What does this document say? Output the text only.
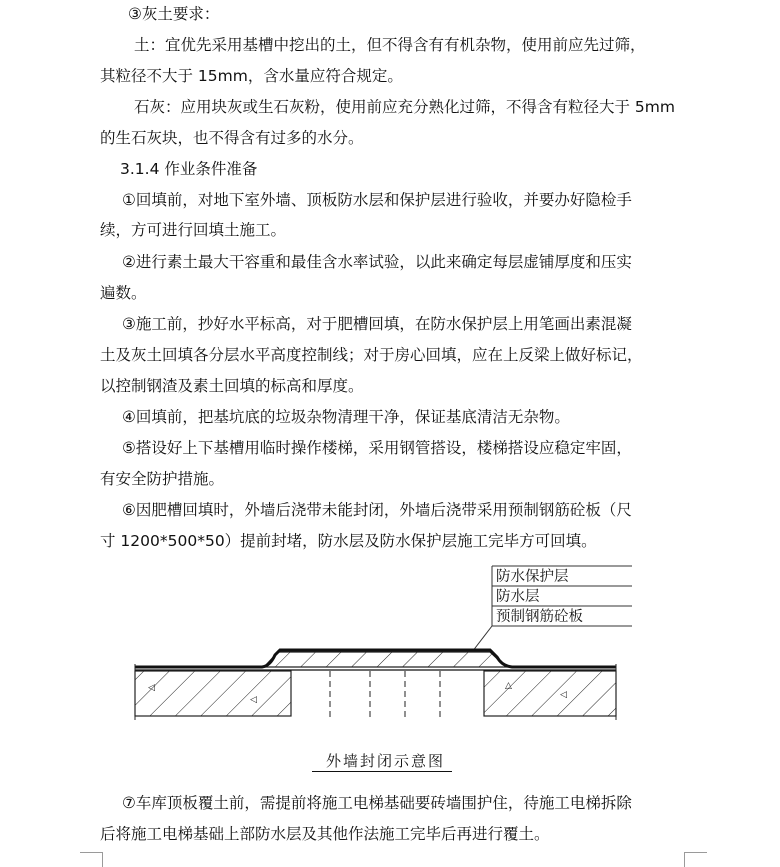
③灰土要求：
土：宜优先采用基槽中挖出的土，但不得含有有机杂物，使用前应先过筛，
其粒径不大于 15mm，含水量应符合规定。
石灰：应用块灰或生石灰粉，使用前应充分熟化过筛，不得含有粒径大于 5mm
的生石灰块，也不得含有过多的水分。
3.1.4 作业条件准备
①回填前，对地下室外墙、顶板防水层和保护层进行验收，并要办好隐检手
续，方可进行回填土施工。
②进行素土最大干容重和最佳含水率试验，以此来确定每层虚铺厚度和压实
遍数。
③施工前，抄好水平标高，对于肥槽回填，在防水保护层上用笔画出素混凝
土及灰土回填各分层水平高度控制线；对于房心回填，应在上反梁上做好标记，
以控制钢渣及素土回填的标高和厚度。
④回填前，把基坑底的垃圾杂物清理干净，保证基底清洁无杂物。
⑤搭设好上下基槽用临时操作楼梯，采用钢管搭设，楼梯搭设应稳定牢固，
有安全防护措施。
⑥因肥槽回填时，外墙后浇带未能封闭，外墙后浇带采用预制钢筋砼板（尺
寸 1200*500*50）提前封堵，防水层及防水保护层施工完毕方可回填。
防水保护层
防水层
预制钢筋砼板
◁
◁	◁
△
外墙封闭示意图
⑦车库顶板覆土前，需提前将施工电梯基础要砖墙围护住，待施工电梯拆除
后将施工电梯基础上部防水层及其他作法施工完毕后再进行覆土。
